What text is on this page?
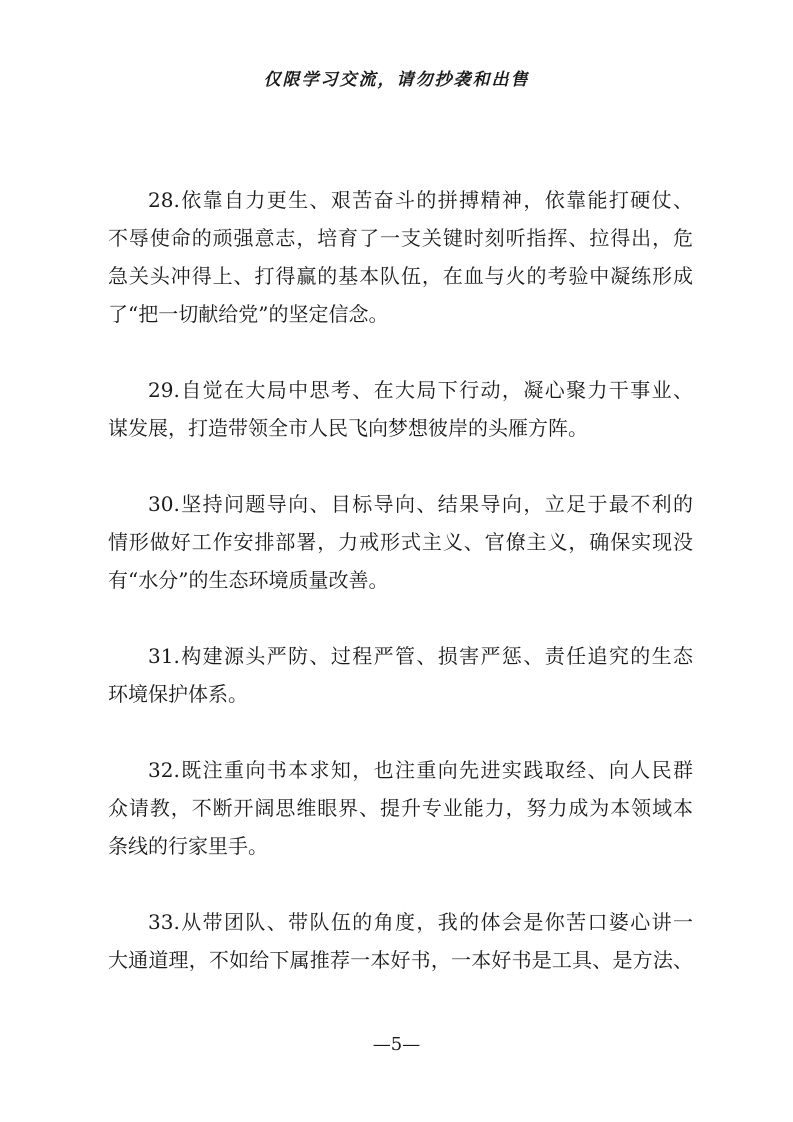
仅限学习交流，请勿抄袭和出售
28.依靠自力更生、艰苦奋斗的拼搏精神，依靠能打硬仗、
不辱使命的顽强意志，培育了一支关键时刻听指挥、拉得出，危
急关头冲得上、打得赢的基本队伍，在血与火的考验中凝练形成
了“把一切献给党”的坚定信念。
29.自觉在大局中思考、在大局下行动，凝心聚力干事业、
谋发展，打造带领全市人民飞向梦想彼岸的头雁方阵。
30.坚持问题导向、目标导向、结果导向，立足于最不利的
情形做好工作安排部署，力戒形式主义、官僚主义，确保实现没
有“水分”的生态环境质量改善。
31.构建源头严防、过程严管、损害严惩、责任追究的生态
环境保护体系。
32.既注重向书本求知，也注重向先进实践取经、向人民群
众请教，不断开阔思维眼界、提升专业能力，努力成为本领域本
条线的行家里手。
33.从带团队、带队伍的角度，我的体会是你苦口婆心讲一
大通道理，不如给下属推荐一本好书，一本好书是工具、是方法、
—5—
